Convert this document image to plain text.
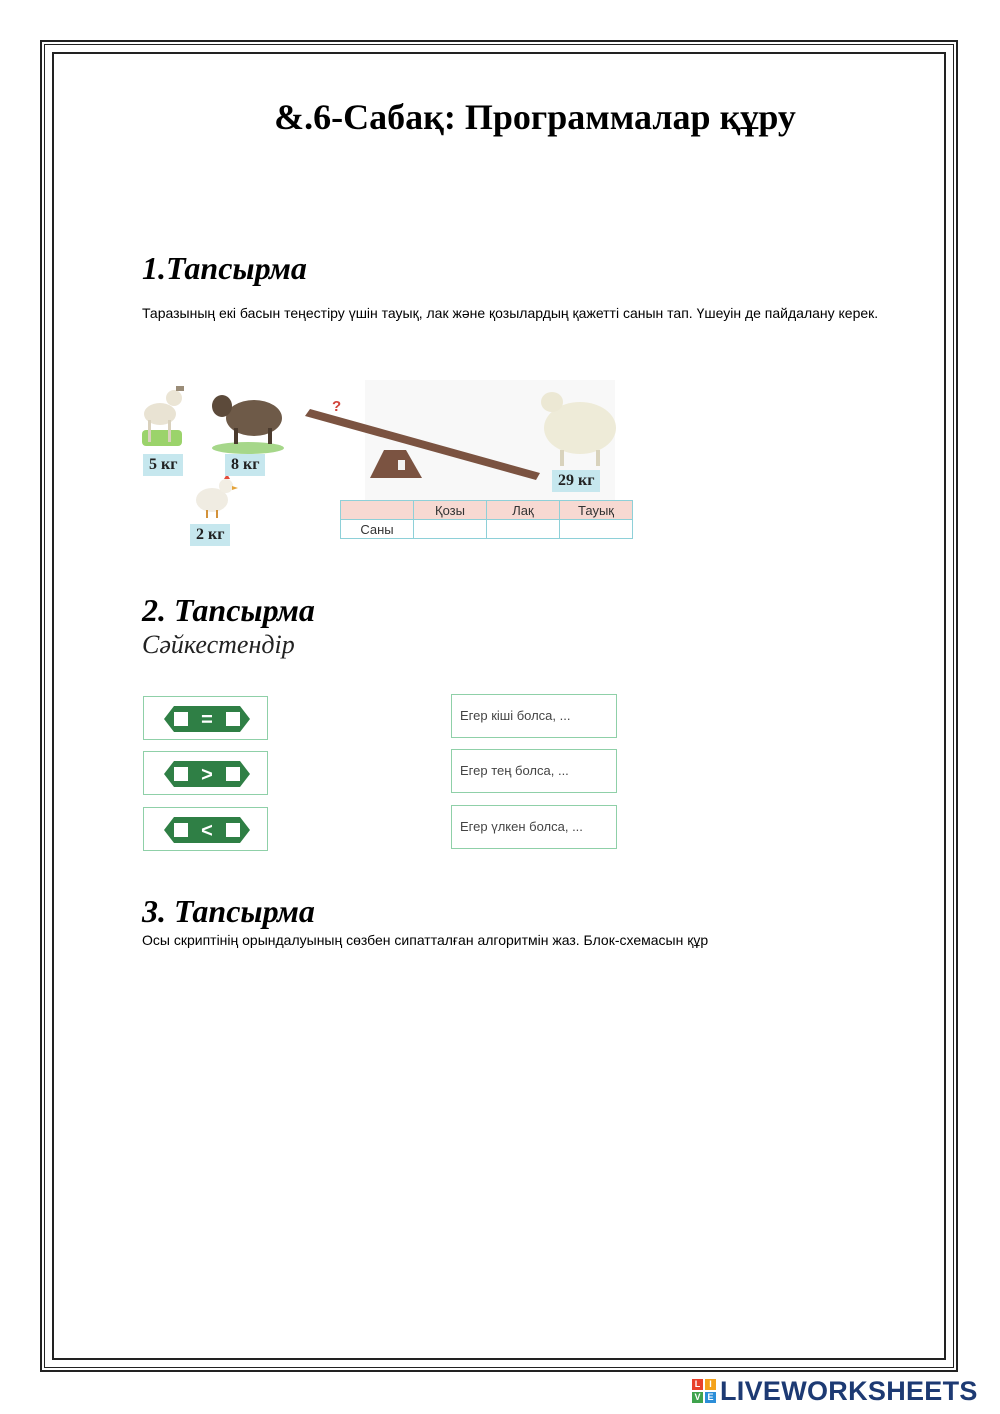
&.6-Сабақ: Программалар құру
1.Тапсырма

Таразының екі басын теңестіру үшін тауық, лак және қозылардың қажетті санын тап. Үшеуін де пайдалану керек.

?
5 кг	8 кг
2 кг
29 кг
	Қозы	Лақ	Тауық
Саны			
2. Тапсырма

Сәйкестендір

=
>
<
Егер кіші болса, ...
Егер тең болса, ...
Егер үлкен болса, ...
3. Тапсырма

Осы скриптінің орындалуының сөзбен сипатталған алгоритмін жаз. Блок-схемасын құр

L I
V E LIVEWORKSHEETS
